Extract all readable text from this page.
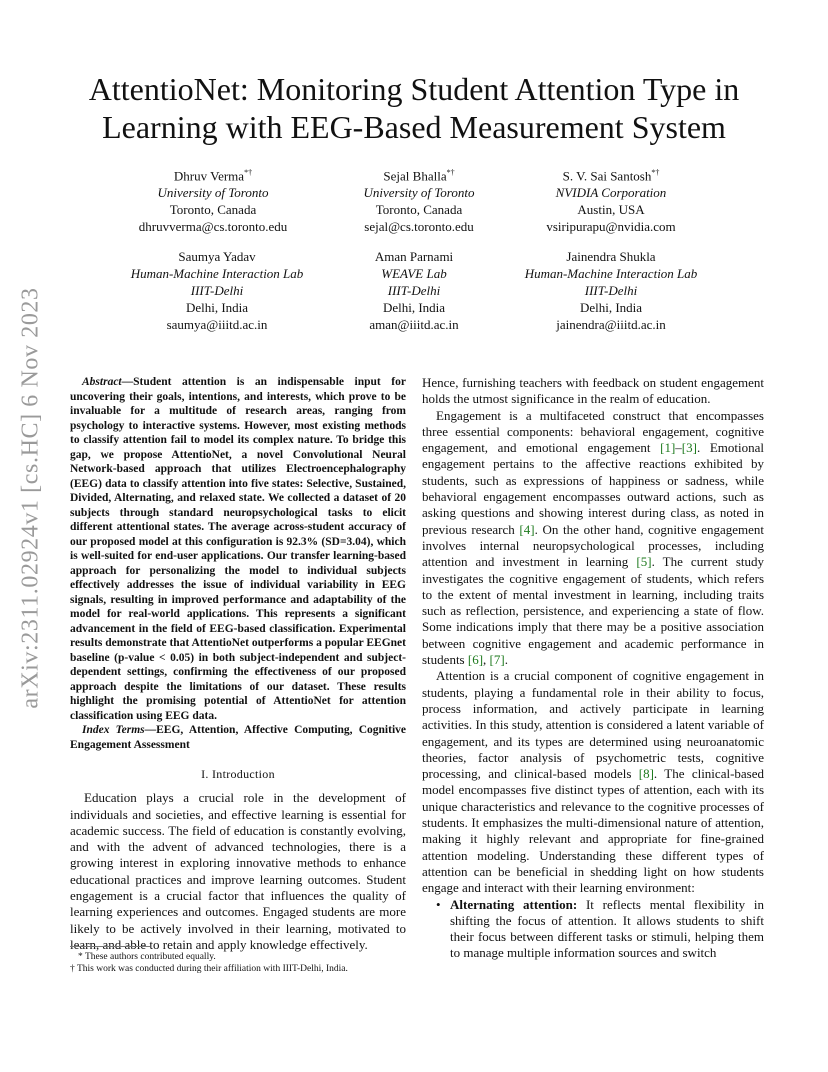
arXiv:2311.02924v1 [cs.HC] 6 Nov 2023
AttentioNet: Monitoring Student Attention Type in Learning with EEG-Based Measurement System
Dhruv Verma*†
University of Toronto
Toronto, Canada
dhruvverma@cs.toronto.edu
Sejal Bhalla*†
University of Toronto
Toronto, Canada
sejal@cs.toronto.edu
S. V. Sai Santosh*†
NVIDIA Corporation
Austin, USA
vsiripurapu@nvidia.com
Saumya Yadav
Human-Machine Interaction Lab
IIIT-Delhi
Delhi, India
saumya@iiitd.ac.in
Aman Parnami
WEAVE Lab
IIIT-Delhi
Delhi, India
aman@iiitd.ac.in
Jainendra Shukla
Human-Machine Interaction Lab
IIIT-Delhi
Delhi, India
jainendra@iiitd.ac.in

Abstract—Student attention is an indispensable input for uncovering their goals, intentions, and interests, which prove to be invaluable for a multitude of research areas, ranging from psychology to interactive systems. However, most existing methods to classify attention fail to model its complex nature. To bridge this gap, we propose AttentioNet, a novel Convolutional Neural Network-based approach that utilizes Electroencephalography (EEG) data to classify attention into five states: Selective, Sustained, Divided, Alternating, and relaxed state. We collected a dataset of 20 subjects through standard neuropsychological tasks to elicit different attentional states. The average across-student accuracy of our proposed model at this configuration is 92.3% (SD=3.04), which is well-suited for end-user applications. Our transfer learning-based approach for personalizing the model to individual subjects effectively addresses the issue of individual variability in EEG signals, resulting in improved performance and adaptability of the model for real-world applications. This represents a significant advancement in the field of EEG-based classification. Experimental results demonstrate that AttentioNet outperforms a popular EEGnet baseline (p-value < 0.05) in both subject-independent and subject-dependent settings, confirming the effectiveness of our proposed approach despite the limitations of our dataset. These results highlight the promising potential of AttentioNet for attention classification using EEG data.

Index Terms—EEG, Attention, Affective Computing, Cognitive Engagement Assessment

I. Introduction

Education plays a crucial role in the development of individuals and societies, and effective learning is essential for academic success. The field of education is constantly evolving, and with the advent of advanced technologies, there is a growing interest in exploring innovative methods to enhance educational practices and improve learning outcomes. Student engagement is a crucial factor that influences the quality of learning experiences and outcomes. Engaged students are more likely to be actively involved in their learning, motivated to learn, and able to retain and apply knowledge effectively.

Hence, furnishing teachers with feedback on student engagement holds the utmost significance in the realm of education.

Engagement is a multifaceted construct that encompasses three essential components: behavioral engagement, cognitive engagement, and emotional engagement [1]–[3]. Emotional engagement pertains to the affective reactions exhibited by students, such as expressions of happiness or sadness, while behavioral engagement encompasses outward actions, such as asking questions and showing interest during class, as noted in previous research [4]. On the other hand, cognitive engagement involves internal neuropsychological processes, including attention and investment in learning [5]. The current study investigates the cognitive engagement of students, which refers to the extent of mental investment in learning, including traits such as reflection, persistence, and experiencing a state of flow. Some indications imply that there may be a positive association between cognitive engagement and academic performance in students [6], [7].

Attention is a crucial component of cognitive engagement in students, playing a fundamental role in their ability to focus, process information, and actively participate in learning activities. In this study, attention is considered a latent variable of engagement, and its types are determined using neuroanatomic theories, factor analysis of psychometric tests, cognitive processing, and clinical-based models [8]. The clinical-based model encompasses five distinct types of attention, each with its unique characteristics and relevance to the cognitive processes of students. It emphasizes the multi-dimensional nature of attention, making it highly relevant and appropriate for fine-grained attention modeling. Understanding these different types of attention can be beneficial in shedding light on how students engage and interact with their learning environment:

• Alternating attention: It reflects mental flexibility in shifting the focus of attention. It allows students to shift their focus between different tasks or stimuli, helping them to manage multiple information sources and switch

* These authors contributed equally.
† This work was conducted during their affiliation with IIIT-Delhi, India.
